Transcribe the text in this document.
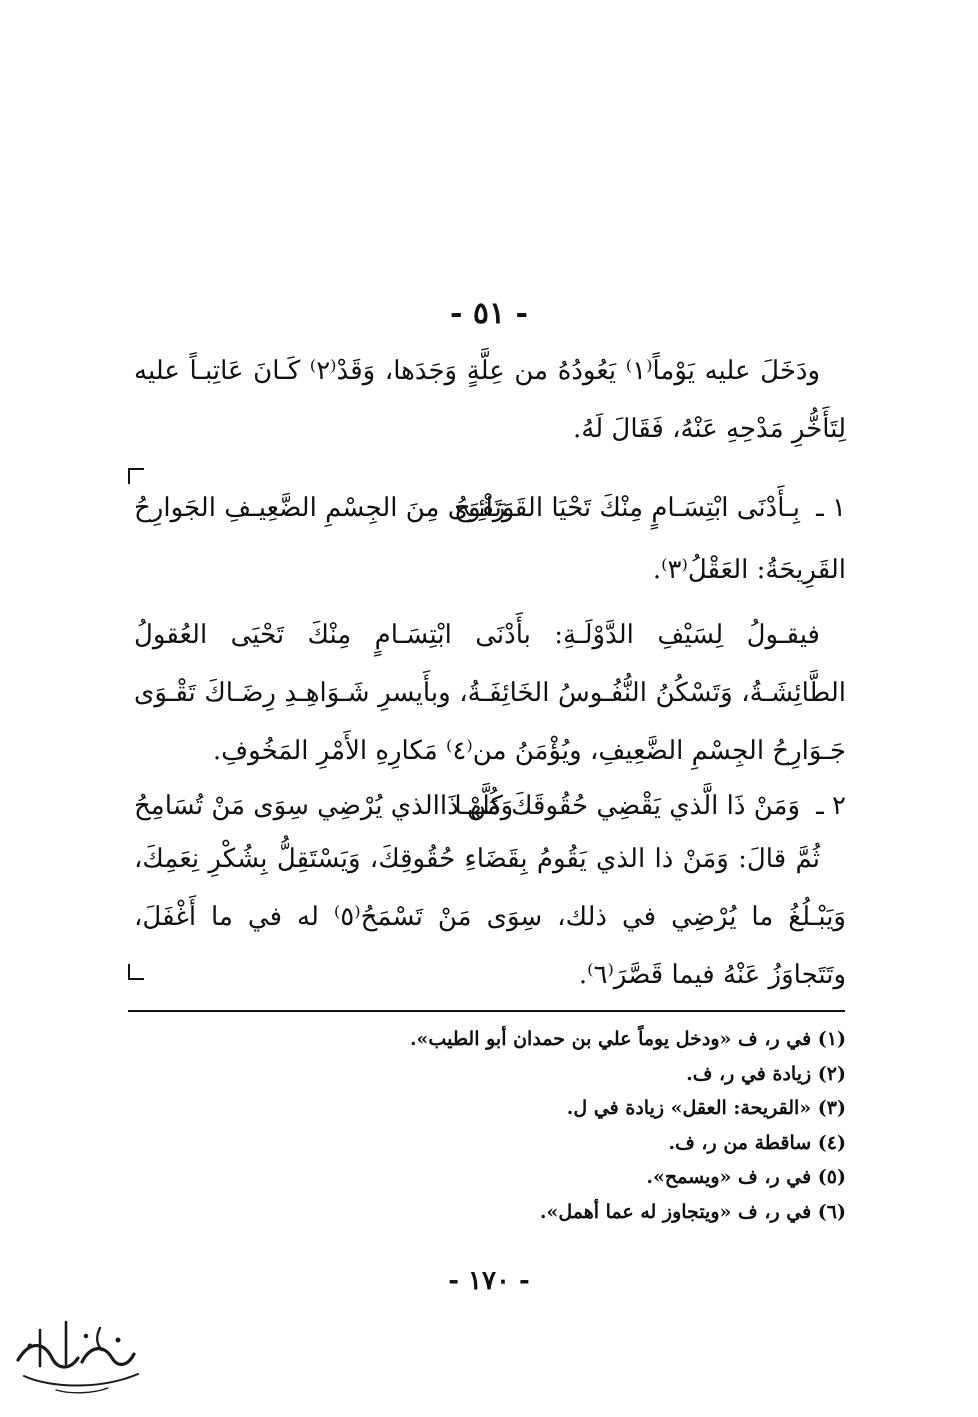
- ٥١ -

ودَخَلَ عليه يَوْماً⁽١⁾ يَعُودُهُ من عِلَّةٍ وَجَدَها، وَقَدْ⁽٢⁾ كَـانَ عَاتِبـاً عليه لِتَأَخُّرِ مَدْحِهِ عَنْهُ، فَقَالَ لَهُ.

١ ـ
بِـأَدْنَى ابْتِسَـامٍ مِنْكَ تَحْيَا القَـرَائِـحُ
وَتَقْوَى مِنَ الجِسْمِ الضَّعِيـفِ الجَوارِحُ
القَرِيحَةُ: العَقْلُ⁽٣⁾.

فيقـولُ لِسَيْفِ الدَّوْلَـةِ: بأَدْنَى ابْتِسَـامٍ مِنْكَ تَحْيَى العُقولُ الطَّائِشَـةُ، وَتَسْكُنُ النُّفُـوسُ الخَائِفَـةُ، وبأَيسرِ شَـوَاهِـدِ رِضَـاكَ تَقْـوَى جَـوَارِحُ الجِسْمِ الضَّعِيفِ، ويُؤْمَنُ من⁽٤⁾ مَكارِهِ الأَمْرِ المَخُوفِ.

٢ ـ
وَمَنْ ذَا الَّذي يَقْضِي حُقُوقَكَ كُلَّهـا
وَمَنْ ذَاالذي يُرْضِي سِوَى مَنْ تُسَامِحُ

ثُمَّ قالَ: وَمَنْ ذا الذي يَقُومُ بِقَضَاءِ حُقُوقِكَ، وَيَسْتَقِلُّ بِشُكْرِ نِعَمِكَ، وَيَبْـلُغُ ما يُرْضِي في ذلك، سِوَى مَنْ تَسْمَحُ⁽٥⁾ له في ما أَغْفَلَ، وتَتَجاوَزُ عَنْهُ فيما قَصَّرَ⁽٦⁾.

(١) في ر، ف «ودخل يوماً علي بن حمدان أبو الطيب».
(٢) زيادة في ر، ف.
(٣) «القريحة: العقل» زيادة في ل.
(٤) ساقطة من ر، ف.
(٥) في ر، ف «ويسمح».
(٦) في ر، ف «ويتجاوز له عما أهمل».
- ١٧٠ -
